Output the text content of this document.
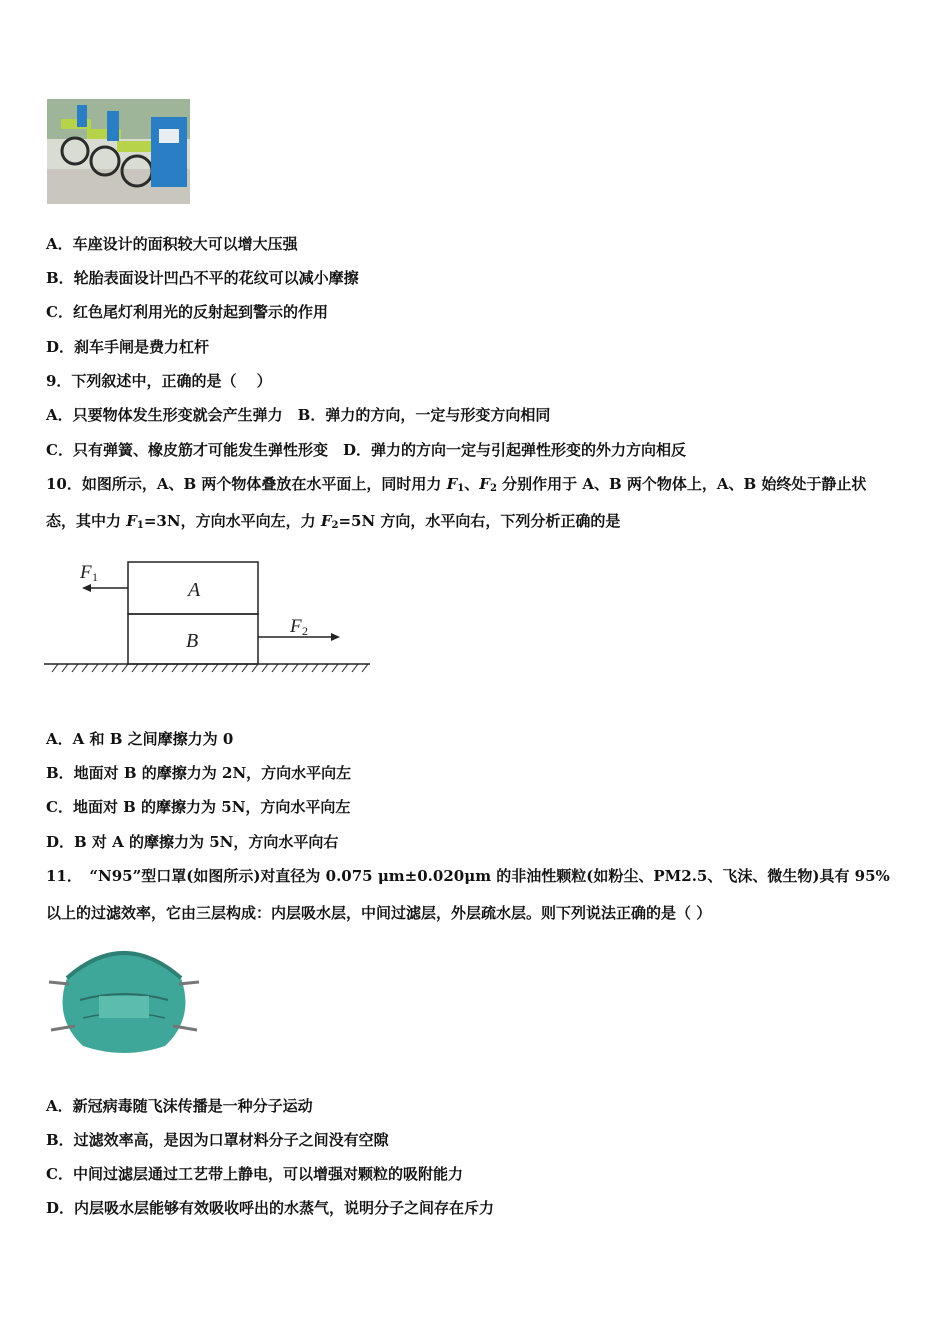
A．车座设计的面积较大可以增大压强
B．轮胎表面设计凹凸不平的花纹可以减小摩擦
C．红色尾灯利用光的反射起到警示的作用
D．刹车手闸是费力杠杆
9．下列叙述中，正确的是（　 ）
A．只要物体发生形变就会产生弹力　B．弹力的方向，一定与形变方向相同
C．只有弹簧、橡皮筋才可能发生弹性形变　D．弹力的方向一定与引起弹性形变的外力方向相反
10．如图所示，A、B 两个物体叠放在水平面上，同时用力 $F_1$、$F_2$ 分别作用于 A、B 两个物体上，A、B 始终处于静止状
态，其中力 $F_1=3N$，方向水平向左，力 $F_2=5N$ 方向，水平向右，下列分析正确的是
A
B
F 1
F 2
A．A 和 B 之间摩擦力为 0
B．地面对 B 的摩擦力为 2N，方向水平向左
C．地面对 B 的摩擦力为 5N，方向水平向左
D．B 对 A 的摩擦力为 5N，方向水平向右
11．　“N95”型口罩(如图所示)对直径为 0.075 μm±0.020μm 的非油性颗粒(如粉尘、PM2.5、飞沫、微生物)具有 95%
以上的过滤效率，它由三层构成：内层吸水层，中间过滤层，外层疏水层。则下列说法正确的是（ ）
A．新冠病毒随飞沫传播是一种分子运动
B．过滤效率高，是因为口罩材料分子之间没有空隙
C．中间过滤层通过工艺带上静电，可以增强对颗粒的吸附能力
D．内层吸水层能够有效吸收呼出的水蒸气，说明分子之间存在斥力
